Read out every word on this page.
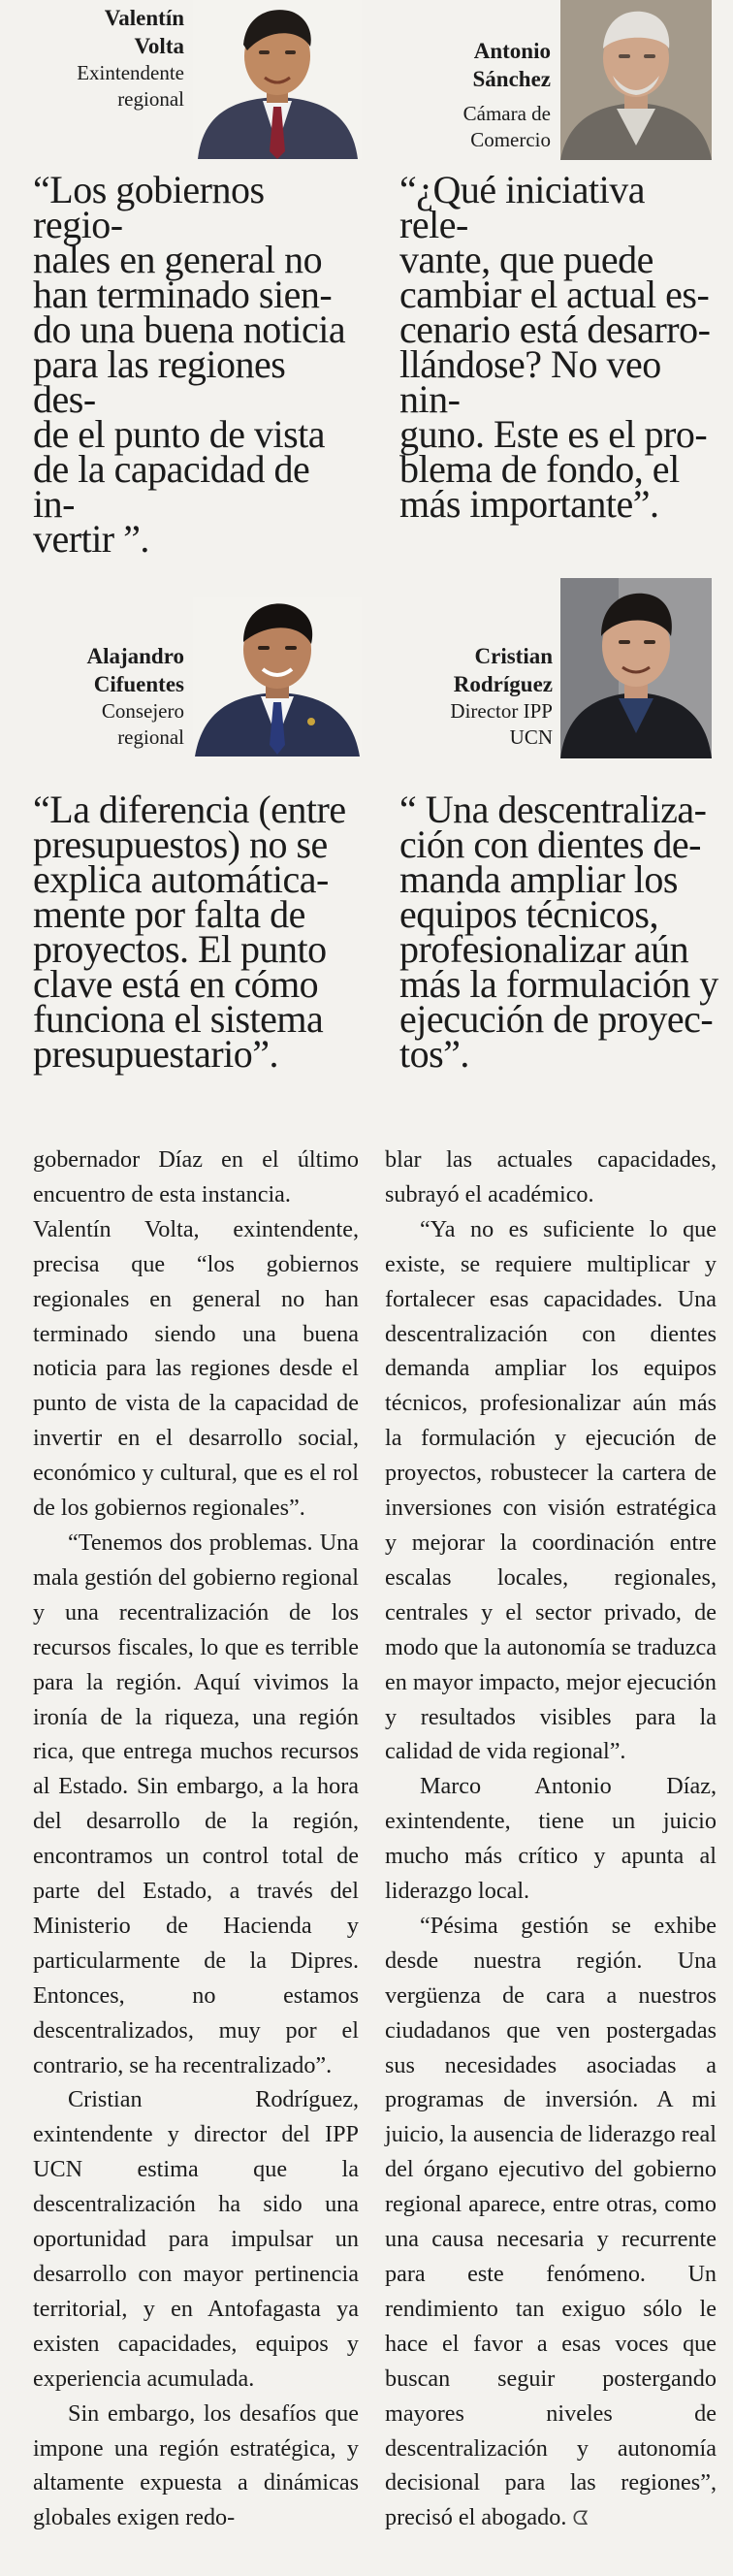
Valentín
Volta
Exintendente
regional
“Los gobiernos regio-
nales en general no
han terminado sien-
do una buena noticia
para las regiones des-
de el punto de vista
de la capacidad de in-
vertir ”.
Antonio
Sánchez
Cámara de
Comercio
“¿Qué iniciativa rele-
vante, que puede
cambiar el actual es-
cenario está desarro-
llándose? No veo nin-
guno. Este es el pro-
blema de fondo, el
más importante”.
Alajandro
Cifuentes
Consejero
regional
“La diferencia (entre
presupuestos) no se
explica automática-
mente por falta de
proyectos. El punto
clave está en cómo
funciona el sistema
presupuestario”.
Cristian
Rodríguez
Director IPP
UCN
“ Una descentraliza-
ción con dientes de-
manda ampliar los
equipos técnicos,
profesionalizar aún
más la formulación y
ejecución de proyec-
tos”.

gobernador Díaz en el último encuentro de esta instancia.

Valentín Volta, exintendente, precisa que “los gobiernos regionales en general no han terminado siendo una buena noticia para las regiones desde el punto de vista de la capacidad de invertir en el desarrollo social, económico y cultural, que es el rol de los gobiernos regionales”.

“Tenemos dos problemas. Una mala gestión del gobierno regional y una recentralización de los recursos fiscales, lo que es terrible para la región. Aquí vivimos la ironía de la riqueza, una región rica, que entrega muchos recursos al Estado. Sin embargo, a la hora del desarrollo de la región, encontramos un control total de parte del Estado, a través del Ministerio de Hacienda y particularmente de la Dipres. Entonces, no estamos descentralizados, muy por el contrario, se ha recentralizado”.

Cristian Rodríguez, exintendente y director del IPP UCN estima que la descentralización ha sido una oportunidad para impulsar un desarrollo con mayor pertinencia territorial, y en Antofagasta ya existen capacidades, equipos y experiencia acumulada.

Sin embargo, los desafíos que impone una región estratégica, y altamente expuesta a dinámicas globales exigen redo-

blar las actuales capacidades, subrayó el académico.

“Ya no es suficiente lo que existe, se requiere multiplicar y fortalecer esas capacidades. Una descentralización con dientes demanda ampliar los equipos técnicos, profesionalizar aún más la formulación y ejecución de proyectos, robustecer la cartera de inversiones con visión estratégica y mejorar la coordinación entre escalas locales, regionales, centrales y el sector privado, de modo que la autonomía se traduzca en mayor impacto, mejor ejecución y resultados visibles para la calidad de vida regional”.

Marco Antonio Díaz, exintendente, tiene un juicio mucho más crítico y apunta al liderazgo local.

“Pésima gestión se exhibe desde nuestra región. Una vergüenza de cara a nuestros ciudadanos que ven postergadas sus necesidades asociadas a programas de inversión. A mi juicio, la ausencia de liderazgo real del órgano ejecutivo del gobierno regional aparece, entre otras, como una causa necesaria y recurrente para este fenómeno. Un rendimiento tan exiguo sólo le hace el favor a esas voces que buscan seguir postergando mayores niveles de descentralización y autonomía decisional para las regiones”, precisó el abogado. ᗧ
